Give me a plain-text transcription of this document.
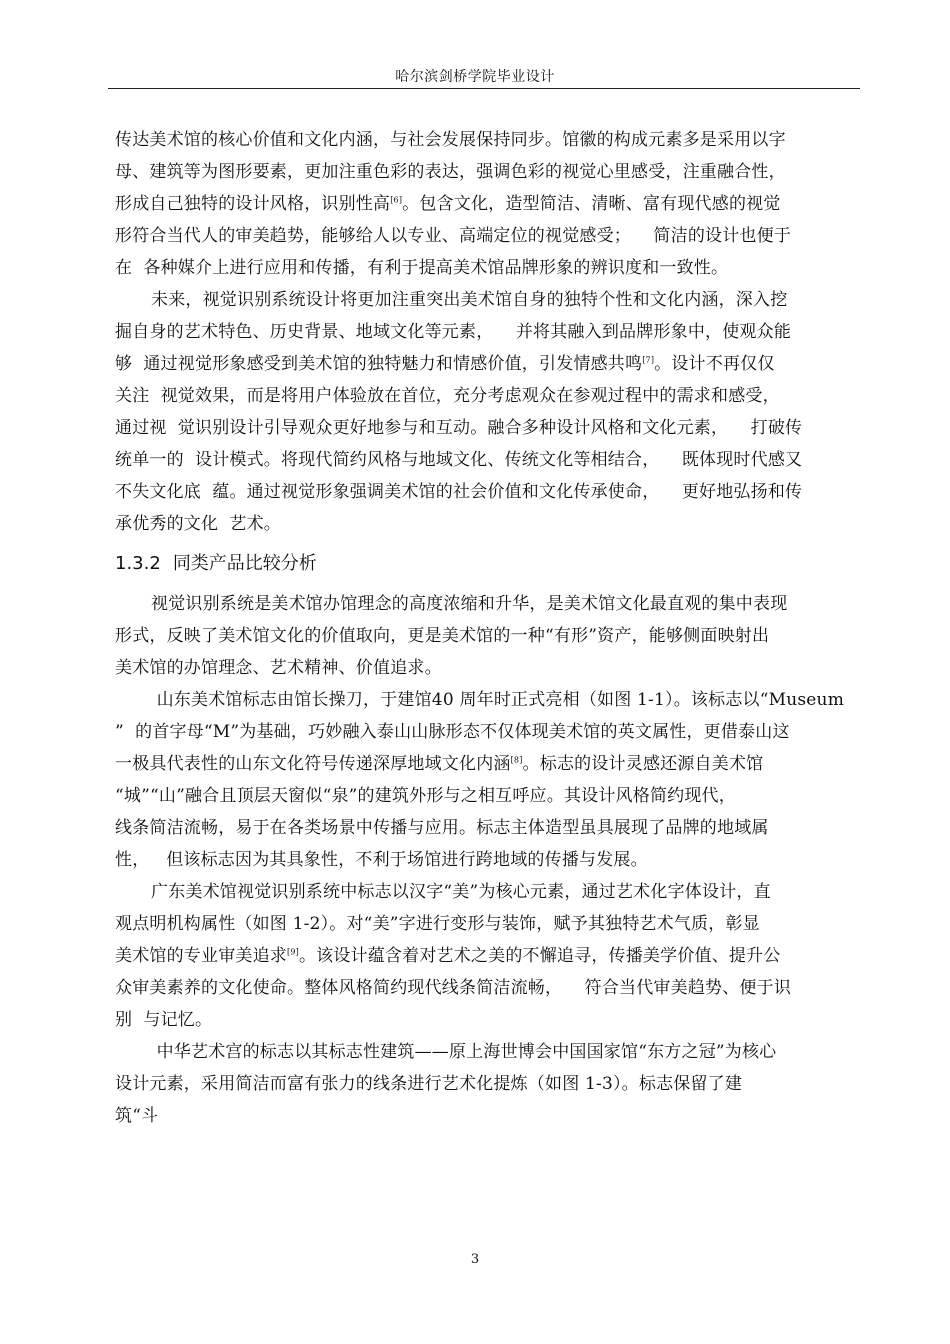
哈尔滨剑桥学院毕业设计
传达美术馆的核心价值和文化内涵，与社会发展保持同步。馆徽的构成元素多是采用以字
母、建筑等为图形要素，更加注重色彩的表达，强调色彩的视觉心里感受，注重融合性，
形成自己独特的设计风格，识别性高[6]。包含文化，造型简洁、清晰、富有现代感的视觉
形符合当代人的审美趋势，能够给人以专业、高端定位的视觉感受；    简洁的设计也便于
在  各种媒介上进行应用和传播，有利于提高美术馆品牌形象的辨识度和一致性。
未来，视觉识别系统设计将更加注重突出美术馆自身的独特个性和文化内涵，深入挖
掘自身的艺术特色、历史背景、地域文化等元素，    并将其融入到品牌形象中，使观众能
够  通过视觉形象感受到美术馆的独特魅力和情感价值，引发情感共鸣[7]。设计不再仅仅
关注  视觉效果，而是将用户体验放在首位，充分考虑观众在参观过程中的需求和感受，
通过视  觉识别设计引导观众更好地参与和互动。融合多种设计风格和文化元素，    打破传
统单一的  设计模式。将现代简约风格与地域文化、传统文化等相结合，    既体现时代感又
不失文化底  蕴。通过视觉形象强调美术馆的社会价值和文化传承使命，    更好地弘扬和传
承优秀的文化  艺术。
1.3.2 同类产品比较分析
视觉识别系统是美术馆办馆理念的高度浓缩和升华，是美术馆文化最直观的集中表现
形式，反映了美术馆文化的价值取向，更是美术馆的一种“有形”资产，能够侧面映射出
美术馆的办馆理念、艺术精神、价值追求。
山东美术馆标志由馆长操刀，于建馆40 周年时正式亮相（如图 1-1）。该标志以“Museum
”  的首字母“M”为基础，巧妙融入泰山山脉形态不仅体现美术馆的英文属性，更借泰山这
一极具代表性的山东文化符号传递深厚地域文化内涵[8]。标志的设计灵感还源自美术馆
“城”“山”融合且顶层天窗似“泉”的建筑外形与之相互呼应。其设计风格简约现代，
线条简洁流畅，易于在各类场景中传播与应用。标志主体造型虽具展现了品牌的地域属
性，   但该标志因为其具象性，不利于场馆进行跨地域的传播与发展。
广东美术馆视觉识别系统中标志以汉字“美”为核心元素，通过艺术化字体设计，直
观点明机构属性（如图 1-2）。对“美”字进行变形与装饰，赋予其独特艺术气质，彰显
美术馆的专业审美追求[9]。该设计蕴含着对艺术之美的不懈追寻，传播美学价值、提升公
众审美素养的文化使命。整体风格简约现代线条简洁流畅，    符合当代审美趋势、便于识
别  与记忆。
中华艺术宫的标志以其标志性建筑——原上海世博会中国国家馆“东方之冠”为核心
设计元素，采用简洁而富有张力的线条进行艺术化提炼（如图 1-3）。标志保留了建
筑“斗
3
